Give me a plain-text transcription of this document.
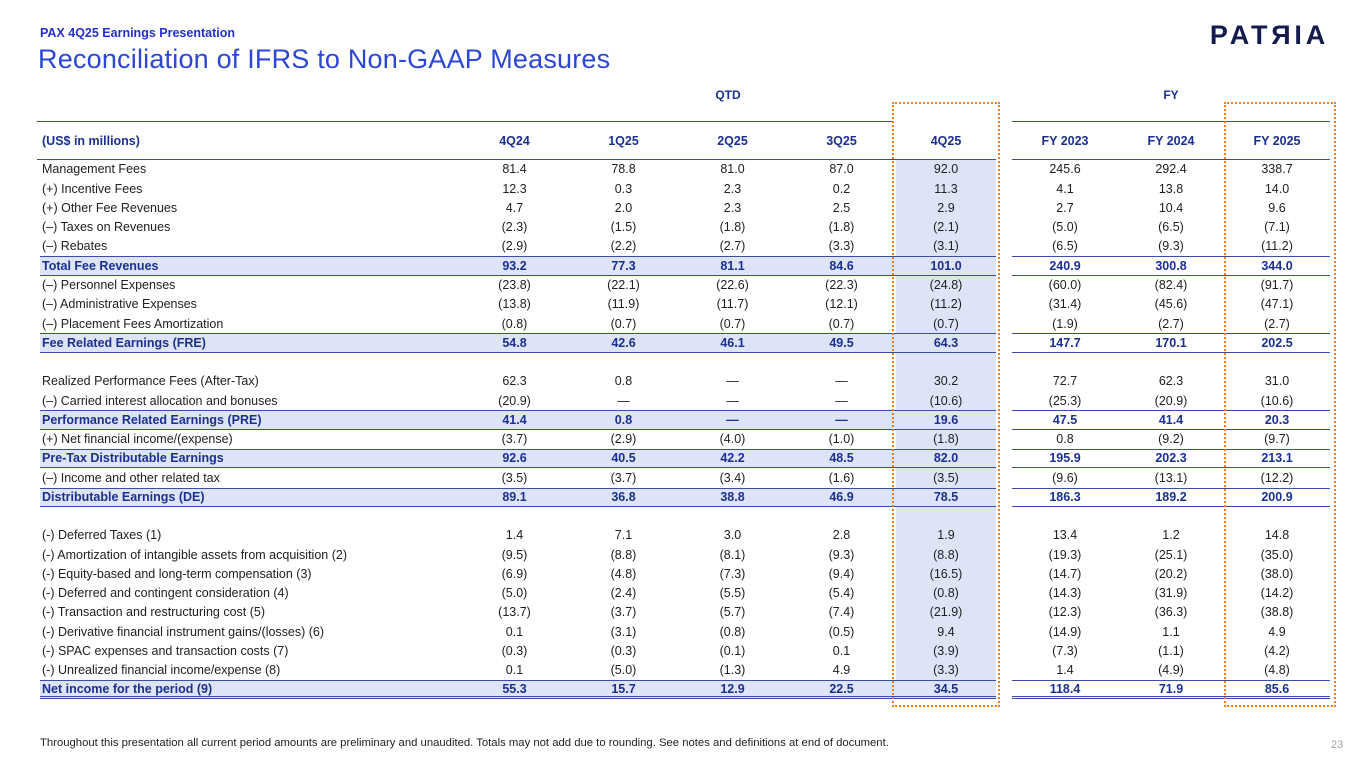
PAX 4Q25 Earnings Presentation
Reconciliation of IFRS to Non-GAAP Measures
PATЯIA
QTD	FY
(US$ in millions)	4Q24	1Q25	2Q25	3Q25	4Q25	FY 2023	FY 2024	FY 2025
Management Fees	81.4	78.8	81.0	87.0	92.0	245.6	292.4	338.7
(+) Incentive Fees	12.3	0.3	2.3	0.2	11.3	4.1	13.8	14.0
(+) Other Fee Revenues	4.7	2.0	2.3	2.5	2.9	2.7	10.4	9.6
(–) Taxes on Revenues	(2.3)	(1.5)	(1.8)	(1.8)	(2.1)	(5.0)	(6.5)	(7.1)
(–) Rebates	(2.9)	(2.2)	(2.7)	(3.3)	(3.1)	(6.5)	(9.3)	(11.2)
Total Fee Revenues	93.2	77.3	81.1	84.6	101.0	240.9	300.8	344.0
(–) Personnel Expenses	(23.8)	(22.1)	(22.6)	(22.3)	(24.8)	(60.0)	(82.4)	(91.7)
(–) Administrative Expenses	(13.8)	(11.9)	(11.7)	(12.1)	(11.2)	(31.4)	(45.6)	(47.1)
(–) Placement Fees Amortization	(0.8)	(0.7)	(0.7)	(0.7)	(0.7)	(1.9)	(2.7)	(2.7)
Fee Related Earnings (FRE)	54.8	42.6	46.1	49.5	64.3	147.7	170.1	202.5
Realized Performance Fees (After-Tax)	62.3	0.8	—	—	30.2	72.7	62.3	31.0
(–) Carried interest allocation and bonuses	(20.9)	—	—	—	(10.6)	(25.3)	(20.9)	(10.6)
Performance Related Earnings (PRE)	41.4	0.8	—	—	19.6	47.5	41.4	20.3
(+) Net financial income/(expense)	(3.7)	(2.9)	(4.0)	(1.0)	(1.8)	0.8	(9.2)	(9.7)
Pre-Tax Distributable Earnings	92.6	40.5	42.2	48.5	82.0	195.9	202.3	213.1
(–) Income and other related tax	(3.5)	(3.7)	(3.4)	(1.6)	(3.5)	(9.6)	(13.1)	(12.2)
Distributable Earnings (DE)	89.1	36.8	38.8	46.9	78.5	186.3	189.2	200.9
(-) Deferred Taxes (1)	1.4	7.1	3.0	2.8	1.9	13.4	1.2	14.8
(-) Amortization of intangible assets from acquisition (2)	(9.5)	(8.8)	(8.1)	(9.3)	(8.8)	(19.3)	(25.1)	(35.0)
(-) Equity-based and long-term compensation (3)	(6.9)	(4.8)	(7.3)	(9.4)	(16.5)	(14.7)	(20.2)	(38.0)
(-) Deferred and contingent consideration (4)	(5.0)	(2.4)	(5.5)	(5.4)	(0.8)	(14.3)	(31.9)	(14.2)
(-) Transaction and restructuring cost (5)	(13.7)	(3.7)	(5.7)	(7.4)	(21.9)	(12.3)	(36.3)	(38.8)
(-) Derivative financial instrument gains/(losses) (6)	0.1	(3.1)	(0.8)	(0.5)	9.4	(14.9)	1.1	4.9
(-) SPAC expenses and transaction costs (7)	(0.3)	(0.3)	(0.1)	0.1	(3.9)	(7.3)	(1.1)	(4.2)
(-) Unrealized financial income/expense (8)	0.1	(5.0)	(1.3)	4.9	(3.3)	1.4	(4.9)	(4.8)
Net income for the period (9)	55.3	15.7	12.9	22.5	34.5	118.4	71.9	85.6
Throughout this presentation all current period amounts are preliminary and unaudited. Totals may not add due to rounding. See notes and definitions at end of document.	23
